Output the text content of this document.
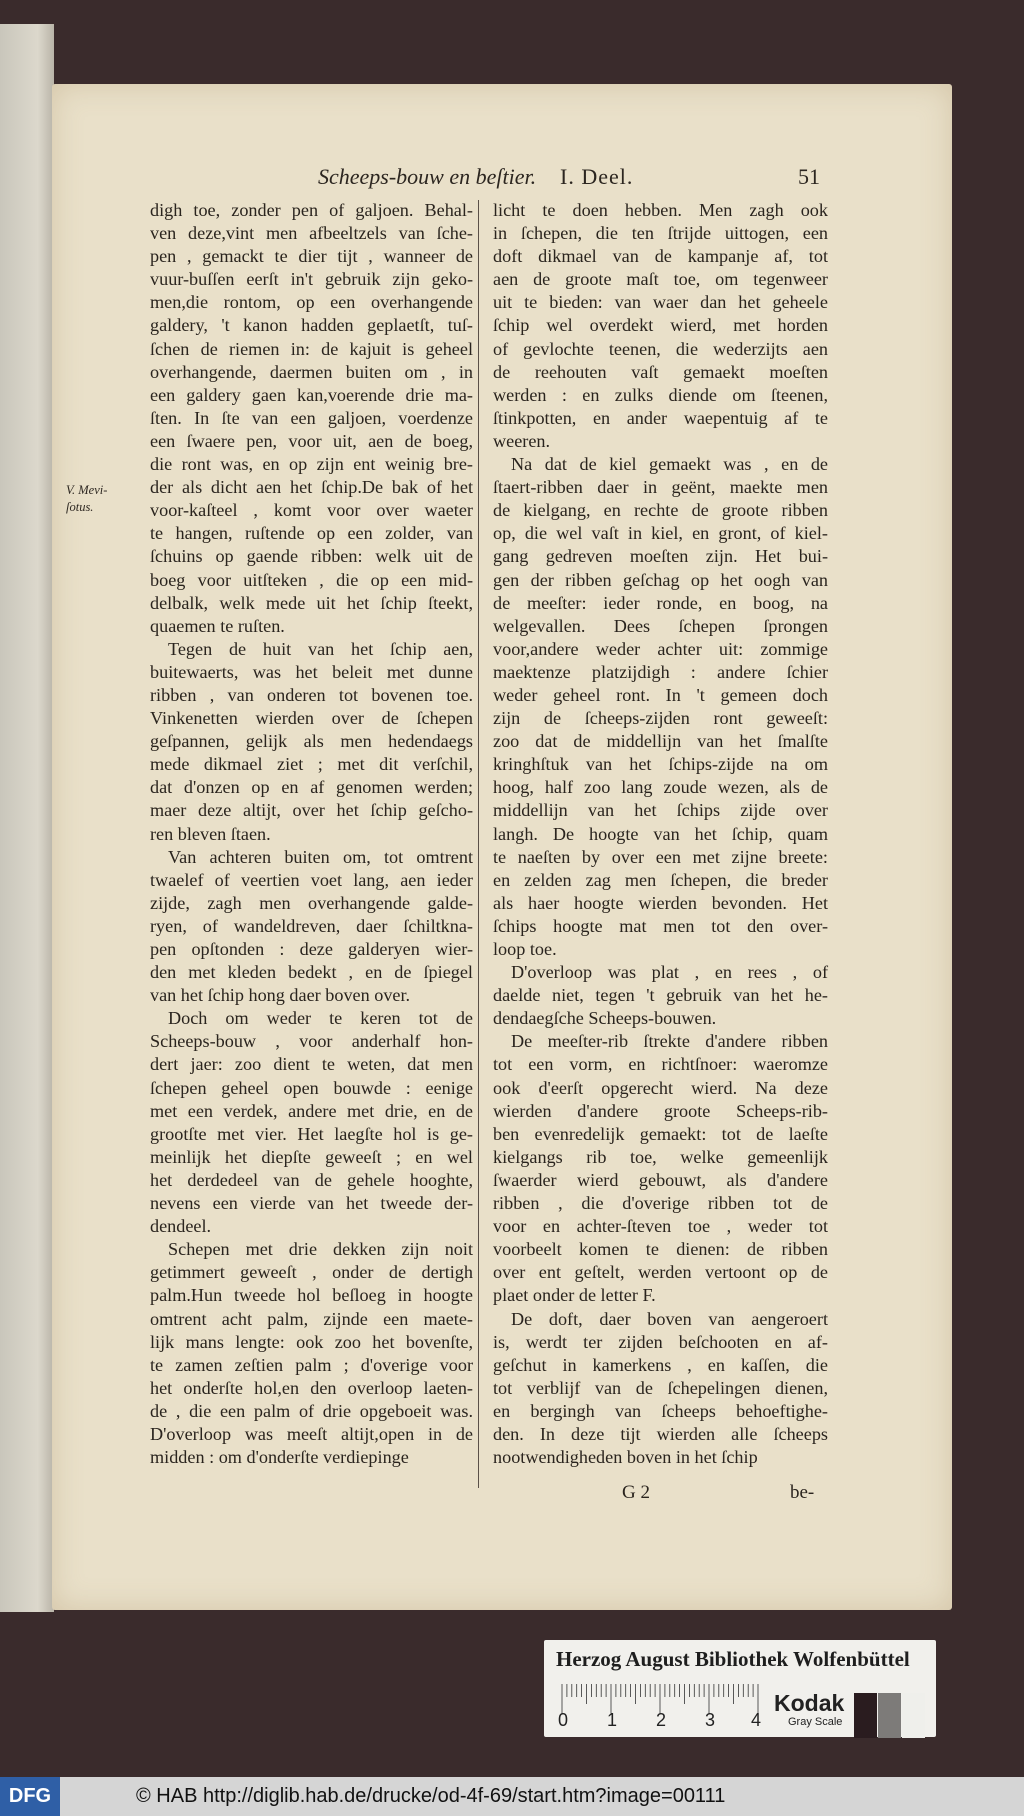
Scheeps-bouw en beſtier. I. Deel.	51
V. Mevi-
ſotus.
digh toe, zonder pen of galjoen. Behal-
ven deze,vint men afbeeltzels van ſche-
pen , gemackt te dier tijt , wanneer de
vuur-buſſen eerſt in't gebruik zijn geko-
men,die rontom, op een overhangende
galdery, 't kanon hadden geplaetſt, tuſ-
ſchen de riemen in: de kajuit is geheel
overhangende, daermen buiten om , in
een galdery gaen kan,voerende drie ma-
ſten. In ſte van een galjoen, voerdenze
een ſwaere pen, voor uit, aen de boeg,
die ront was, en op zijn ent weinig bre-
der als dicht aen het ſchip.De bak of het
voor-kaſteel , komt voor over waeter
te hangen, ruſtende op een zolder, van
ſchuins op gaende ribben: welk uit de
boeg voor uitſteken , die op een mid-
delbalk, welk mede uit het ſchip ſteekt,
quaemen te ruſten.
Tegen de huit van het ſchip aen,
buitewaerts, was het beleit met dunne
ribben , van onderen tot bovenen toe.
Vinkenetten wierden over de ſchepen
geſpannen, gelijk als men hedendaegs
mede dikmael ziet ; met dit verſchil,
dat d'onzen op en af genomen werden;
maer deze altijt, over het ſchip geſcho-
ren bleven ſtaen.
Van achteren buiten om, tot omtrent
twaelef of veertien voet lang, aen ieder
zijde, zagh men overhangende galde-
ryen, of wandeldreven, daer ſchiltkna-
pen opſtonden : deze galderyen wier-
den met kleden bedekt , en de ſpiegel
van het ſchip hong daer boven over.
Doch om weder te keren tot de
Scheeps-bouw , voor anderhalf hon-
dert jaer: zoo dient te weten, dat men
ſchepen geheel open bouwde : eenige
met een verdek, andere met drie, en de
grootſte met vier. Het laegſte hol is ge-
meinlijk het diepſte geweeſt ; en wel
het derdedeel van de gehele hooghte,
nevens een vierde van het tweede der-
dendeel.
Schepen met drie dekken zijn noit
getimmert geweeſt , onder de dertigh
palm.Hun tweede hol beſloeg in hoogte
omtrent acht palm, zijnde een maete-
lijk mans lengte: ook zoo het bovenſte,
te zamen zeſtien palm ; d'overige voor
het onderſte hol,en den overloop laeten-
de , die een palm of drie opgeboeit was.
D'overloop was meeſt altijt,open in de
midden : om d'onderſte verdiepinge
licht te doen hebben. Men zagh ook
in ſchepen, die ten ſtrijde uittogen, een
doft dikmael van de kampanje af, tot
aen de groote maſt toe, om tegenweer
uit te bieden: van waer dan het geheele
ſchip wel overdekt wierd, met horden
of gevlochte teenen, die wederzijts aen
de reehouten vaſt gemaekt moeſten
werden : en zulks diende om ſteenen,
ſtinkpotten, en ander waepentuig af te
weeren.
Na dat de kiel gemaekt was , en de
ſtaert-ribben daer in geënt, maekte men
de kielgang, en rechte de groote ribben
op, die wel vaſt in kiel, en gront, of kiel-
gang gedreven moeſten zijn. Het bui-
gen der ribben geſchag op het oogh van
de meeſter: ieder ronde, en boog, na
welgevallen. Dees ſchepen ſprongen
voor,andere weder achter uit: zommige
maektenze platzijdigh : andere ſchier
weder geheel ront. In 't gemeen doch
zijn de ſcheeps-zijden ront geweeſt:
zoo dat de middellijn van het ſmalſte
kringhſtuk van het ſchips-zijde na om
hoog, half zoo lang zoude wezen, als de
middellijn van het ſchips zijde over
langh. De hoogte van het ſchip, quam
te naeſten by over een met zijne breete:
en zelden zag men ſchepen, die breder
als haer hoogte wierden bevonden. Het
ſchips hoogte mat men tot den over-
loop toe.
D'overloop was plat , en rees , of
daelde niet, tegen 't gebruik van het he-
dendaegſche Scheeps-bouwen.
De meeſter-rib ſtrekte d'andere ribben
tot een vorm, en richtſnoer: waeromze
ook d'eerſt opgerecht wierd. Na deze
wierden d'andere groote Scheeps-rib-
ben evenredelijk gemaekt: tot de laeſte
kielgangs rib toe, welke gemeenlijk
ſwaerder wierd gebouwt, als d'andere
ribben , die d'overige ribben tot de
voor en achter-ſteven toe , weder tot
voorbeelt komen te dienen: de ribben
over ent geſtelt, werden vertoont op de
plaet onder de letter F.
De doft, daer boven van aengeroert
is, werdt ter zijden beſchooten en af-
geſchut in kamerkens , en kaſſen, die
tot verblijf van de ſchepelingen dienen,
en bergingh van ſcheeps behoeftighe-
den. In deze tijt wierden alle ſcheeps
nootwendigheden boven in het ſchip
G 2	be-
Herzog August Bibliothek Wolfenbüttel
0 1 2 3 4
Kodak
Gray Scale
DFG	© HAB http://diglib.hab.de/drucke/od-4f-69/start.htm?image=00111
